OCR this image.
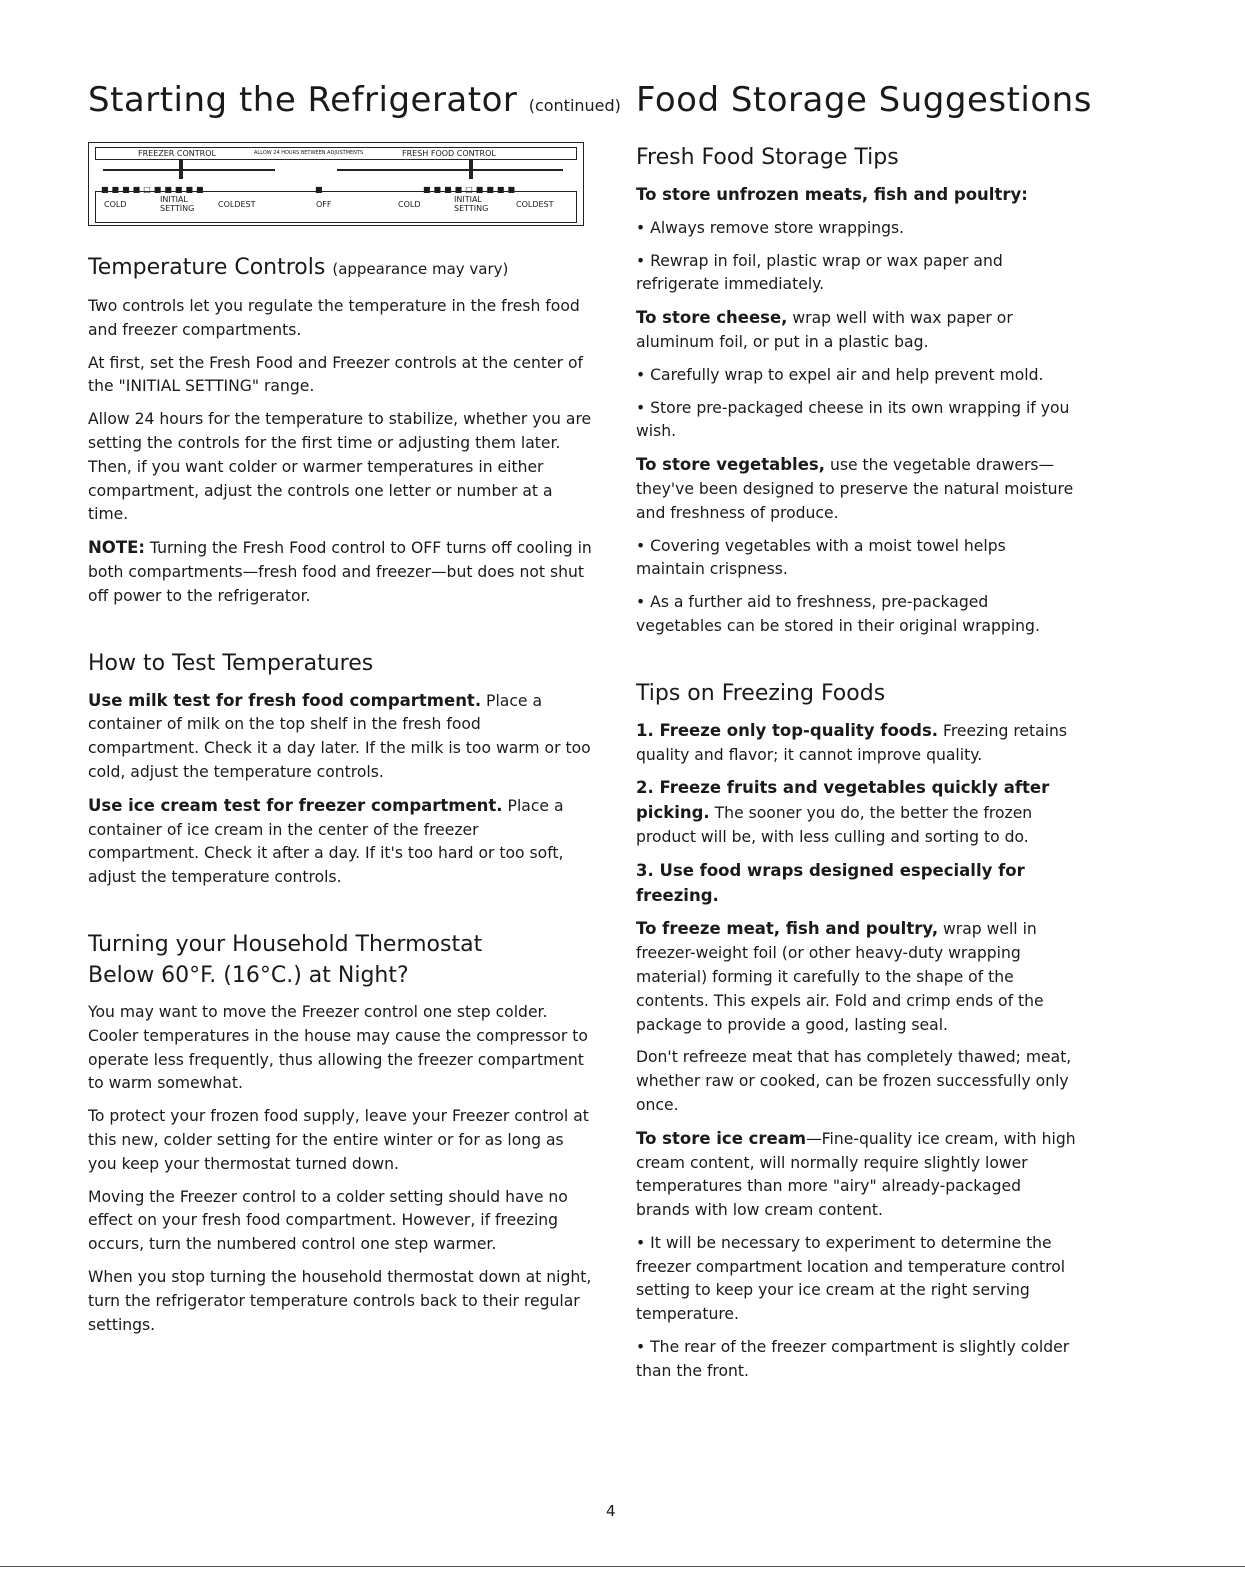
Starting the Refrigerator (continued)
FREEZER CONTROL	ALLOW 24 HOURS BETWEEN ADJUSTMENTS	FRESH FOOD CONTROL
■■■■□■■■■■	■	■■■■□■■■■
COLD
INITIAL
SETTING	COLDEST	OFF	COLD
INITIAL
SETTING	COLDEST
Temperature Controls (appearance may vary)

Two controls let you regulate the temperature in the fresh food and freezer compartments.

At first, set the Fresh Food and Freezer controls at the center of the "INITIAL SETTING" range.

Allow 24 hours for the temperature to stabilize, whether you are setting the controls for the first time or adjusting them later. Then, if you want colder or warmer temperatures in either compartment, adjust the controls one letter or number at a time.

NOTE: Turning the Fresh Food control to OFF turns off cooling in both compartments—fresh food and freezer—but does not shut off power to the refrigerator.

How to Test Temperatures

Use milk test for fresh food compartment. Place a container of milk on the top shelf in the fresh food compartment. Check it a day later. If the milk is too warm or too cold, adjust the temperature controls.

Use ice cream test for freezer compartment. Place a container of ice cream in the center of the freezer compartment. Check it after a day. If it's too hard or too soft, adjust the temperature controls.

Turning your Household Thermostat
Below 60°F. (16°C.) at Night?

You may want to move the Freezer control one step colder. Cooler temperatures in the house may cause the compressor to operate less frequently, thus allowing the freezer compartment to warm somewhat.

To protect your frozen food supply, leave your Freezer control at this new, colder setting for the entire winter or for as long as you keep your thermostat turned down.

Moving the Freezer control to a colder setting should have no effect on your fresh food compartment. However, if freezing occurs, turn the numbered control one step warmer.

When you stop turning the household thermostat down at night, turn the refrigerator temperature controls back to their regular settings.

Food Storage Suggestions
Fresh Food Storage Tips

To store unfrozen meats, fish and poultry:

• Always remove store wrappings.

• Rewrap in foil, plastic wrap or wax paper and refrigerate immediately.

To store cheese, wrap well with wax paper or aluminum foil, or put in a plastic bag.

• Carefully wrap to expel air and help prevent mold.

• Store pre-packaged cheese in its own wrapping if you wish.

To store vegetables, use the vegetable drawers—they've been designed to preserve the natural moisture and freshness of produce.

• Covering vegetables with a moist towel helps maintain crispness.

• As a further aid to freshness, pre-packaged vegetables can be stored in their original wrapping.

Tips on Freezing Foods

1. Freeze only top-quality foods. Freezing retains quality and flavor; it cannot improve quality.

2. Freeze fruits and vegetables quickly after picking. The sooner you do, the better the frozen product will be, with less culling and sorting to do.

3. Use food wraps designed especially for freezing.

To freeze meat, fish and poultry, wrap well in freezer-weight foil (or other heavy-duty wrapping material) forming it carefully to the shape of the contents. This expels air. Fold and crimp ends of the package to provide a good, lasting seal.

Don't refreeze meat that has completely thawed; meat, whether raw or cooked, can be frozen successfully only once.

To store ice cream—Fine-quality ice cream, with high cream content, will normally require slightly lower temperatures than more "airy" already-packaged brands with low cream content.

• It will be necessary to experiment to determine the freezer compartment location and temperature control setting to keep your ice cream at the right serving temperature.

• The rear of the freezer compartment is slightly colder than the front.

4
